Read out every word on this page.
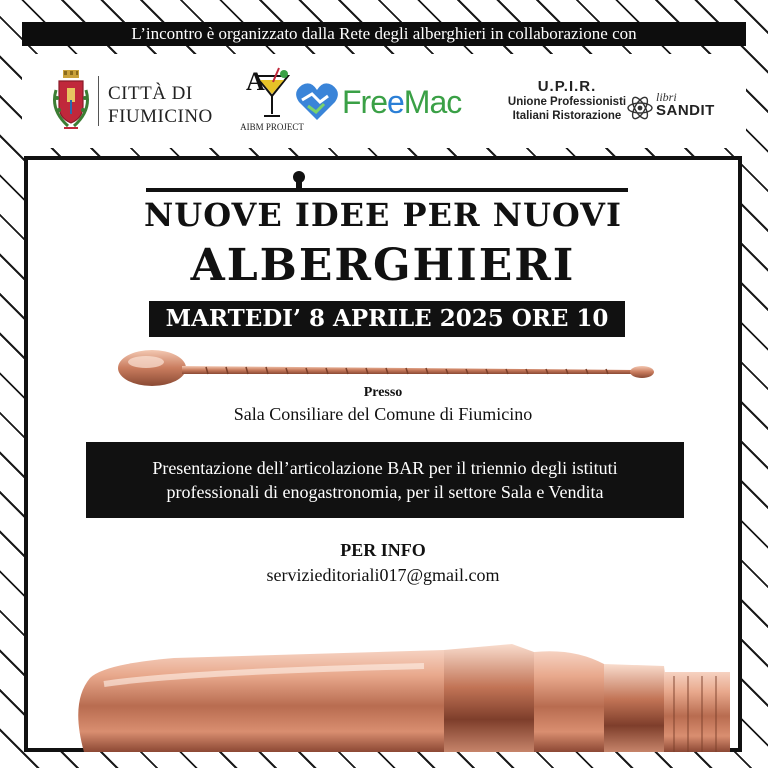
L’incontro è organizzato dalla Rete degli alberghieri in collaborazione con
CITTÀ DI
FIUMICINO
A
AIBM PROJECT
FreeMac	U.P.I.R.
Unione Professionisti
Italiani Ristorazione
libri
SANDIT
NUOVE IDEE PER NUOVI
ALBERGHIERI
MARTEDI’ 8 APRILE 2025 ORE 10
Presso
Sala Consiliare del Comune di Fiumicino
Presentazione dell’articolazione BAR per il triennio degli istituti
professionali di enogastronomia, per il settore Sala e Vendita
PER INFO
servizieditoriali017@gmail.com
